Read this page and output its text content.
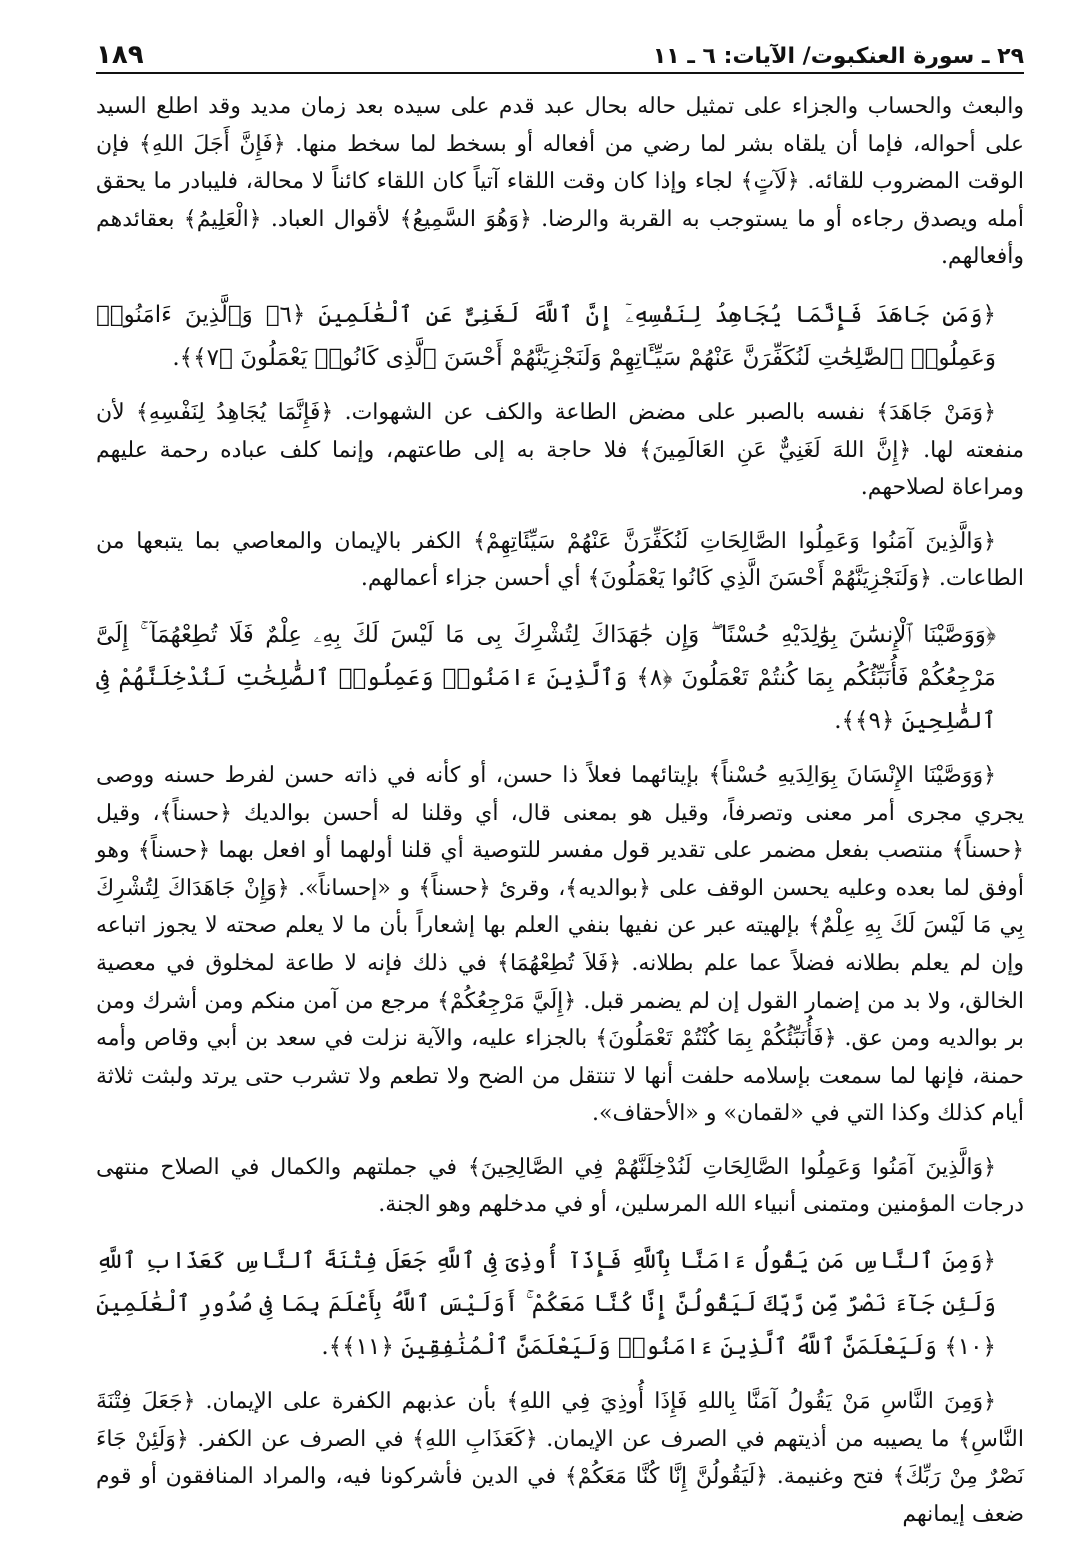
٢٩ ـ سورة العنكبوت/ الآيات: ٦ ـ ١١
١٨٩

والبعث والحساب والجزاء على تمثيل حاله بحال عبد قدم على سيده بعد زمان مديد وقد اطلع السيد على أحواله، فإما أن يلقاه بشر لما رضي من أفعاله أو بسخط لما سخط منها. ﴿فَإِنَّ أَجَلَ اللهِ﴾ فإن الوقت المضروب للقائه. ﴿لَآتٍ﴾ لجاء وإذا كان وقت اللقاء آتياً كان اللقاء كائناً لا محالة، فليبادر ما يحقق أمله ويصدق رجاءه أو ما يستوجب به القربة والرضا. ﴿وَهُوَ السَّمِيعُ﴾ لأقوال العباد. ﴿الْعَلِيمُ﴾ بعقائدهم وأفعالهم.

﴿وَمَن جَاهَدَ فَإِنَّمَا يُجَاهِدُ لِنَفْسِهِۦٓ إِنَّ ٱللَّهَ لَغَنِىٌّ عَنِ ٱلْعَٰلَمِينَ ﴿٦﴾ وَٱلَّذِينَ ءَامَنُوا۟ وَعَمِلُوا۟ ٱلصَّٰلِحَٰتِ لَنُكَفِّرَنَّ عَنْهُمْ سَيِّـَٔاتِهِمْ وَلَنَجْزِيَنَّهُمْ أَحْسَنَ ٱلَّذِى كَانُوا۟ يَعْمَلُونَ ﴿٧﴾﴾.

﴿وَمَنْ جَاهَدَ﴾ نفسه بالصبر على مضض الطاعة والكف عن الشهوات. ﴿فَإِنَّمَا يُجَاهِدُ لِنَفْسِهِ﴾ لأن منفعته لها. ﴿إِنَّ اللهَ لَغَنِيٌّ عَنِ العَالَمِينَ﴾ فلا حاجة به إلى طاعتهم، وإنما كلف عباده رحمة عليهم ومراعاة لصلاحهم.

﴿وَالَّذِينَ آمَنُوا وَعَمِلُوا الصَّالِحَاتِ لَنُكَفِّرَنَّ عَنْهُمْ سَيِّئَاتِهِمْ﴾ الكفر بالإيمان والمعاصي بما يتبعها من الطاعات. ﴿وَلَنَجْزِيَنَّهُمْ أَحْسَنَ الَّذِي كَانُوا يَعْمَلُونَ﴾ أي أحسن جزاء أعمالهم.

﴿وَوَصَّيْنَا ٱلْإِنسَٰنَ بِوَٰلِدَيْهِ حُسْنًا ۖ وَإِن جَٰهَدَاكَ لِتُشْرِكَ بِى مَا لَيْسَ لَكَ بِهِۦ عِلْمٌ فَلَا تُطِعْهُمَآ ۚ إِلَىَّ مَرْجِعُكُمْ فَأُنَبِّئُكُم بِمَا كُنتُمْ تَعْمَلُونَ ﴿٨﴾ وَٱلَّذِينَ ءَامَنُوا۟ وَعَمِلُوا۟ ٱلصَّٰلِحَٰتِ لَنُدْخِلَنَّهُمْ فِى ٱلصَّٰلِحِينَ ﴿٩﴾﴾.

﴿وَوَصَّيْنَا الإِنْسَانَ بِوَالِدَيهِ حُسْناً﴾ بإيتائهما فعلاً ذا حسن، أو كأنه في ذاته حسن لفرط حسنه ووصى يجري مجرى أمر معنى وتصرفاً، وقيل هو بمعنى قال، أي وقلنا له أحسن بوالديك ﴿حسناً﴾، وقيل ﴿حسناً﴾ منتصب بفعل مضمر على تقدير قول مفسر للتوصية أي قلنا أولهما أو افعل بهما ﴿حسناً﴾ وهو أوفق لما بعده وعليه يحسن الوقف على ﴿بوالديه﴾، وقرئ ﴿حسناً﴾ و «إحساناً». ﴿وَإِنْ جَاهَدَاكَ لِتُشْرِكَ بِي مَا لَيْسَ لَكَ بِهِ عِلْمٌ﴾ بإلهيته عبر عن نفيها بنفي العلم بها إشعاراً بأن ما لا يعلم صحته لا يجوز اتباعه وإن لم يعلم بطلانه فضلاً عما علم بطلانه. ﴿فَلاَ تُطِعْهُمَا﴾ في ذلك فإنه لا طاعة لمخلوق في معصية الخالق، ولا بد من إضمار القول إن لم يضمر قبل. ﴿إِلَيَّ مَرْجِعُكُمْ﴾ مرجع من آمن منكم ومن أشرك ومن بر بوالديه ومن عق. ﴿فَأُنَبِّئُكُمْ بِمَا كُنْتُمْ تَعْمَلُونَ﴾ بالجزاء عليه، والآية نزلت في سعد بن أبي وقاص وأمه حمنة، فإنها لما سمعت بإسلامه حلفت أنها لا تنتقل من الضح ولا تطعم ولا تشرب حتى يرتد ولبثت ثلاثة أيام كذلك وكذا التي في «لقمان» و «الأحقاف».

﴿وَالَّذِينَ آمَنُوا وَعَمِلُوا الصَّالِحَاتِ لَنُدْخِلَنَّهُمْ فِي الصَّالِحِينَ﴾ في جملتهم والكمال في الصلاح منتهى درجات المؤمنين ومتمنى أنبياء الله المرسلين، أو في مدخلهم وهو الجنة.

﴿وَمِنَ ٱلنَّاسِ مَن يَقُولُ ءَامَنَّا بِٱللَّهِ فَإِذَآ أُوذِىَ فِى ٱللَّهِ جَعَلَ فِتْنَةَ ٱلنَّاسِ كَعَذَابِ ٱللَّهِ وَلَئِن جَآءَ نَصْرٌ مِّن رَّبِّكَ لَيَقُولُنَّ إِنَّا كُنَّا مَعَكُمْ ۚ أَوَلَيْسَ ٱللَّهُ بِأَعْلَمَ بِمَا فِى صُدُورِ ٱلْعَٰلَمِينَ ﴿١٠﴾ وَلَيَعْلَمَنَّ ٱللَّهُ ٱلَّذِينَ ءَامَنُوا۟ وَلَيَعْلَمَنَّ ٱلْمُنَٰفِقِينَ ﴿١١﴾﴾.

﴿وَمِنَ النَّاسِ مَنْ يَقُولُ آمَنَّا بِاللهِ فَإِذَا أُوذِيَ فِي اللهِ﴾ بأن عذبهم الكفرة على الإيمان. ﴿جَعَلَ فِتْنَةَ النَّاسِ﴾ ما يصيبه من أذيتهم في الصرف عن الإيمان. ﴿كَعَذَابِ اللهِ﴾ في الصرف عن الكفر. ﴿وَلَئِنْ جَاءَ نَصْرٌ مِنْ رَبِّكَ﴾ فتح وغنيمة. ﴿لَيَقُولُنَّ إِنَّا كُنَّا مَعَكُمْ﴾ في الدين فأشركونا فيه، والمراد المنافقون أو قوم ضعف إيمانهم
